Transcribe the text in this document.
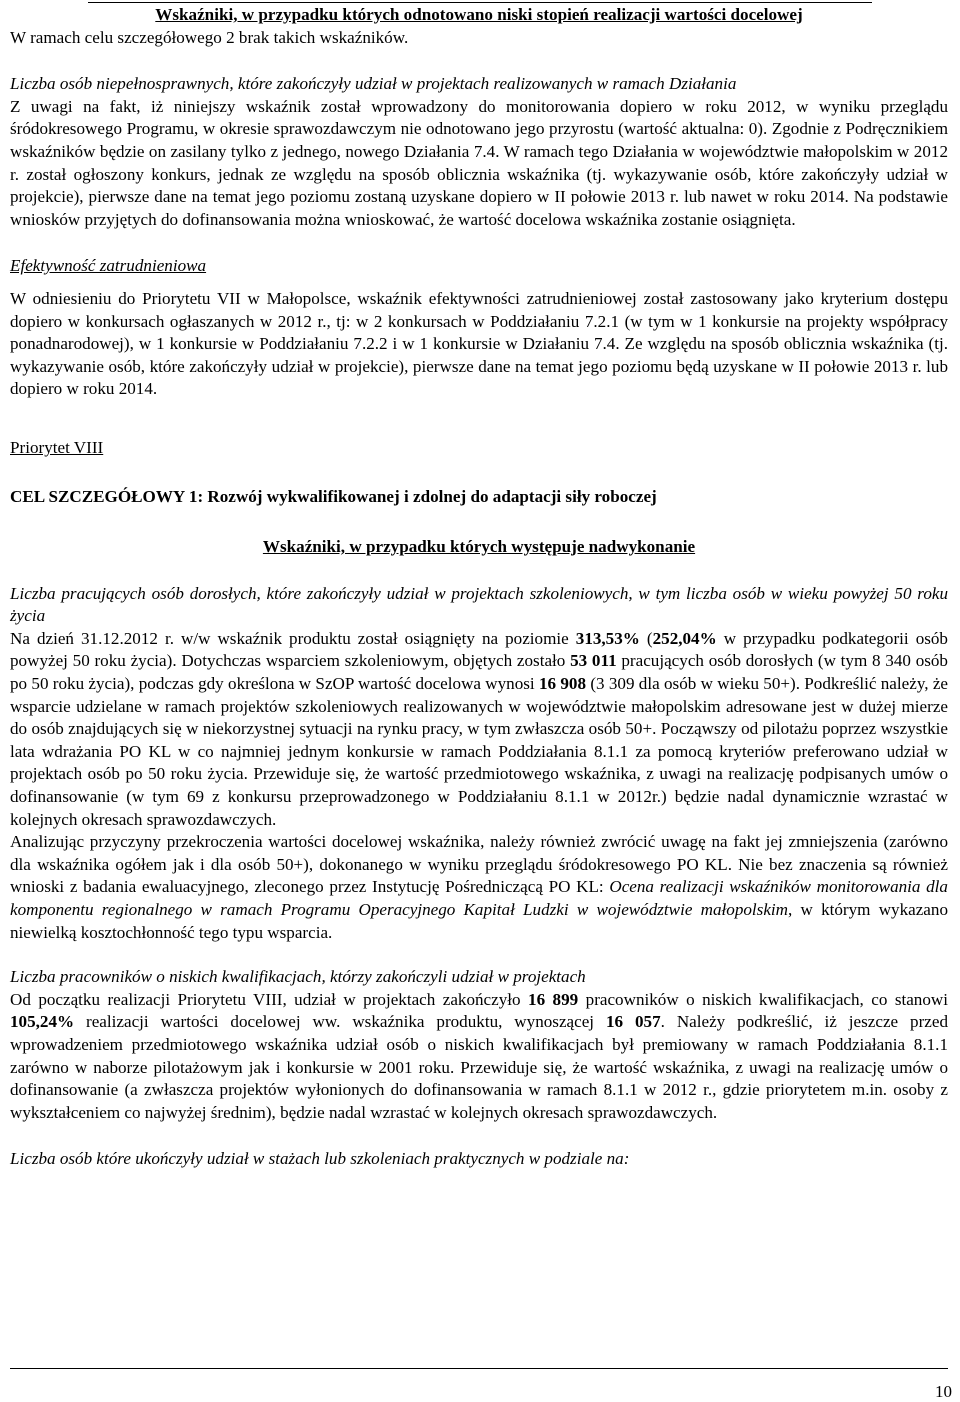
Wskaźniki, w przypadku których odnotowano niski stopień realizacji wartości docelowej

W ramach celu szczegółowego 2 brak takich wskaźników.

Liczba osób niepełnosprawnych, które zakończyły udział w projektach realizowanych w ramach Działania

Z uwagi na fakt, iż niniejszy wskaźnik został wprowadzony do monitorowania dopiero w roku 2012, w wyniku przeglądu śródokresowego Programu, w okresie sprawozdawczym nie odnotowano jego przyrostu (wartość aktualna: 0). Zgodnie z Podręcznikiem wskaźników będzie on zasilany tylko z jednego, nowego Działania 7.4. W ramach tego Działania w województwie małopolskim w 2012 r. został ogłoszony konkurs, jednak ze względu na sposób oblicznia wskaźnika (tj. wykazywanie osób, które zakończyły udział w projekcie), pierwsze dane na temat jego poziomu zostaną uzyskane dopiero w II połowie 2013 r. lub nawet w roku 2014. Na podstawie wniosków przyjętych do dofinansowania można wnioskować, że wartość docelowa wskaźnika zostanie osiągnięta.

Efektywność zatrudnieniowa

W odniesieniu do Priorytetu VII w Małopolsce, wskaźnik efektywności zatrudnieniowej został zastosowany jako kryterium dostępu dopiero w konkursach ogłaszanych w 2012 r., tj: w 2 konkursach w Poddziałaniu 7.2.1 (w tym w 1 konkursie na projekty współpracy ponadnarodowej), w 1 konkursie w Poddziałaniu 7.2.2 i w 1 konkursie w Działaniu 7.4. Ze względu na sposób oblicznia wskaźnika (tj. wykazywanie osób, które zakończyły udział w projekcie), pierwsze dane na temat jego poziomu będą uzyskane w II połowie 2013 r. lub dopiero w roku 2014.

Priorytet VIII

CEL SZCZEGÓŁOWY 1: Rozwój wykwalifikowanej i zdolnej do adaptacji siły roboczej

Wskaźniki, w przypadku których występuje nadwykonanie

Liczba pracujących osób dorosłych, które zakończyły udział w projektach szkoleniowych, w tym liczba osób w wieku powyżej 50 roku życia

Na dzień 31.12.2012 r. w/w wskaźnik produktu został osiągnięty na poziomie 313,53% (252,04% w przypadku podkategorii osób powyżej 50 roku życia). Dotychczas wsparciem szkoleniowym, objętych zostało 53 011 pracujących osób dorosłych (w tym 8 340 osób po 50 roku życia), podczas gdy określona w SzOP wartość docelowa wynosi 16 908 (3 309 dla osób w wieku 50+). Podkreślić należy, że wsparcie udzielane w ramach projektów szkoleniowych realizowanych w województwie małopolskim adresowane jest w dużej mierze do osób znajdujących się w niekorzystnej sytuacji na rynku pracy, w tym zwłaszcza osób 50+. Począwszy od pilotażu poprzez wszystkie lata wdrażania PO KL w co najmniej jednym konkursie w ramach Poddziałania 8.1.1 za pomocą kryteriów preferowano udział w projektach osób po 50 roku życia. Przewiduje się, że wartość przedmiotowego wskaźnika, z uwagi na realizację podpisanych umów o dofinansowanie (w tym 69 z konkursu przeprowadzonego w Poddziałaniu 8.1.1 w 2012r.) będzie nadal dynamicznie wzrastać w kolejnych okresach sprawozdawczych.

Analizując przyczyny przekroczenia wartości docelowej wskaźnika, należy również zwrócić uwagę na fakt jej zmniejszenia (zarówno dla wskaźnika ogółem jak i dla osób 50+), dokonanego w wyniku przeglądu śródokresowego PO KL. Nie bez znaczenia są również wnioski z badania ewaluacyjnego, zleconego przez Instytucję Pośredniczącą PO KL: Ocena realizacji wskaźników monitorowania dla komponentu regionalnego w ramach Programu Operacyjnego Kapitał Ludzki w województwie małopolskim, w którym wykazano niewielką kosztochłonność tego typu wsparcia.

Liczba pracowników o niskich kwalifikacjach, którzy zakończyli udział w projektach

Od początku realizacji Priorytetu VIII, udział w projektach zakończyło 16 899 pracowników o niskich kwalifikacjach, co stanowi 105,24% realizacji wartości docelowej ww. wskaźnika produktu, wynoszącej 16 057. Należy podkreślić, iż jeszcze przed wprowadzeniem przedmiotowego wskaźnika udział osób o niskich kwalifikacjach był premiowany w ramach Poddziałania 8.1.1 zarówno w naborze pilotażowym jak i konkursie w 2001 roku. Przewiduje się, że wartość wskaźnika, z uwagi na realizację umów o dofinansowanie (a zwłaszcza projektów wyłonionych do dofinansowania w ramach 8.1.1 w 2012 r., gdzie priorytetem m.in. osoby z wykształceniem co najwyżej średnim), będzie nadal wzrastać w kolejnych okresach sprawozdawczych.

Liczba osób które ukończyły udział w stażach lub szkoleniach praktycznych w podziale na:

10
